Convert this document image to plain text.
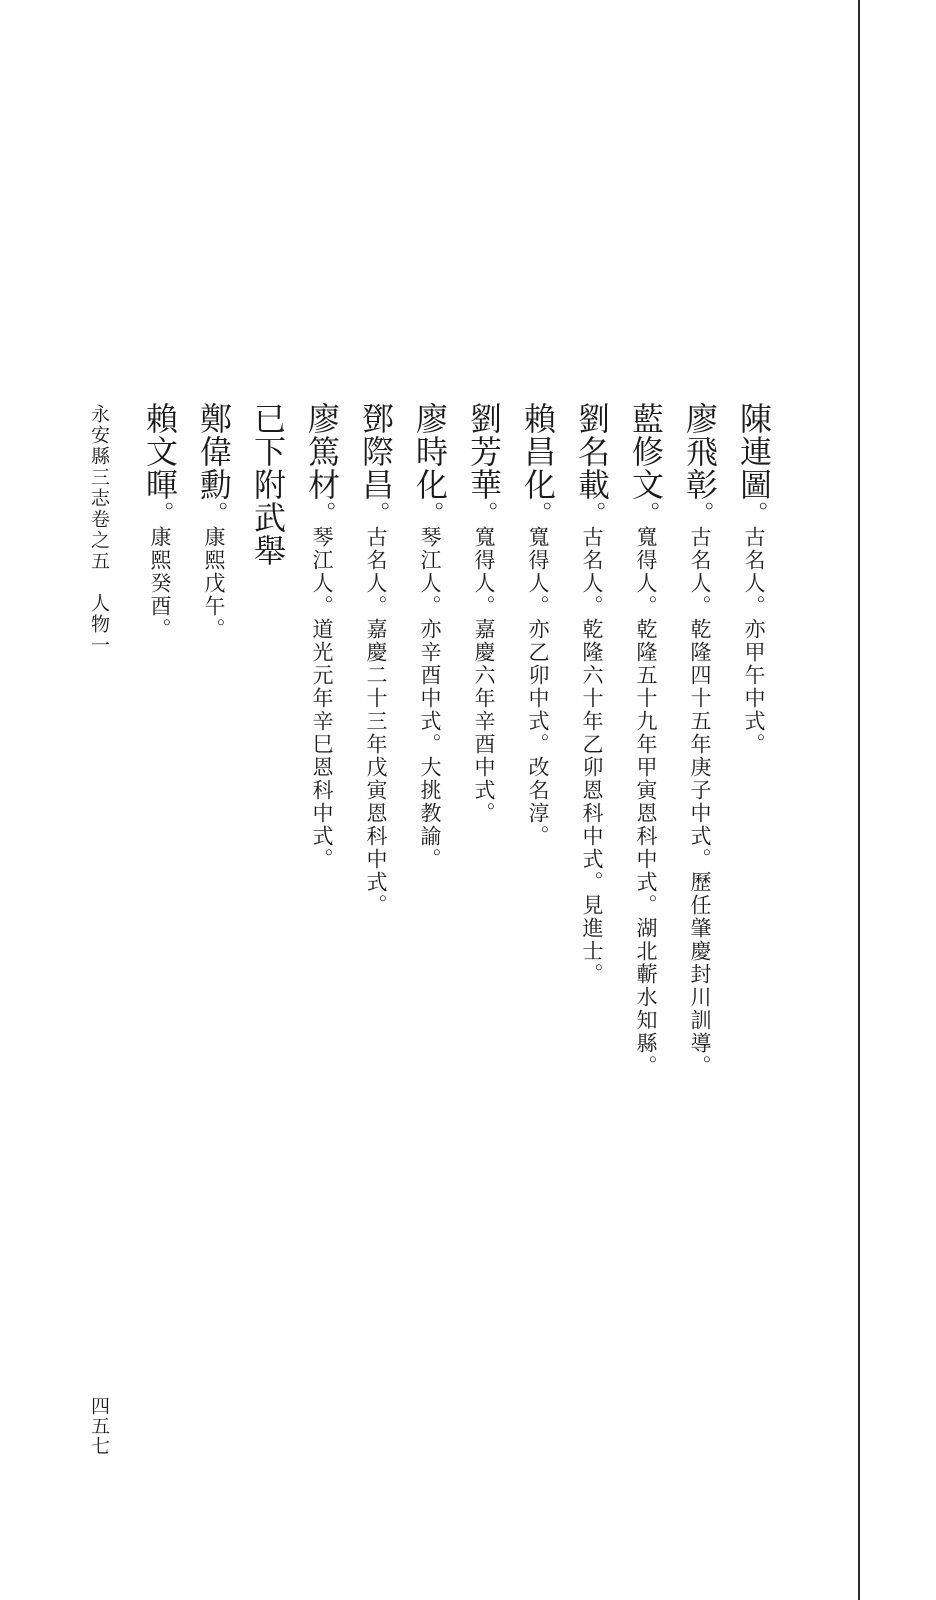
陳連圖。古名人。亦甲午中式。
廖飛彰。古名人。乾隆四十五年庚子中式。歷任肇慶封川訓導。
藍修文。寬得人。乾隆五十九年甲寅恩科中式。湖北蘄水知縣。
劉名載。古名人。乾隆六十年乙卯恩科中式。見進士。
賴昌化。寬得人。亦乙卯中式。改名淳。
劉芳華。寬得人。嘉慶六年辛酉中式。
廖時化。琴江人。亦辛酉中式。大挑教諭。
鄧際昌。古名人。嘉慶二十三年戊寅恩科中式。
廖篤材。琴江人。道光元年辛巳恩科中式。
已下附武舉
鄭偉勳。康熙戊午。
賴文暉。康熙癸酉。
永安縣三志卷之五　人物一
四五七
